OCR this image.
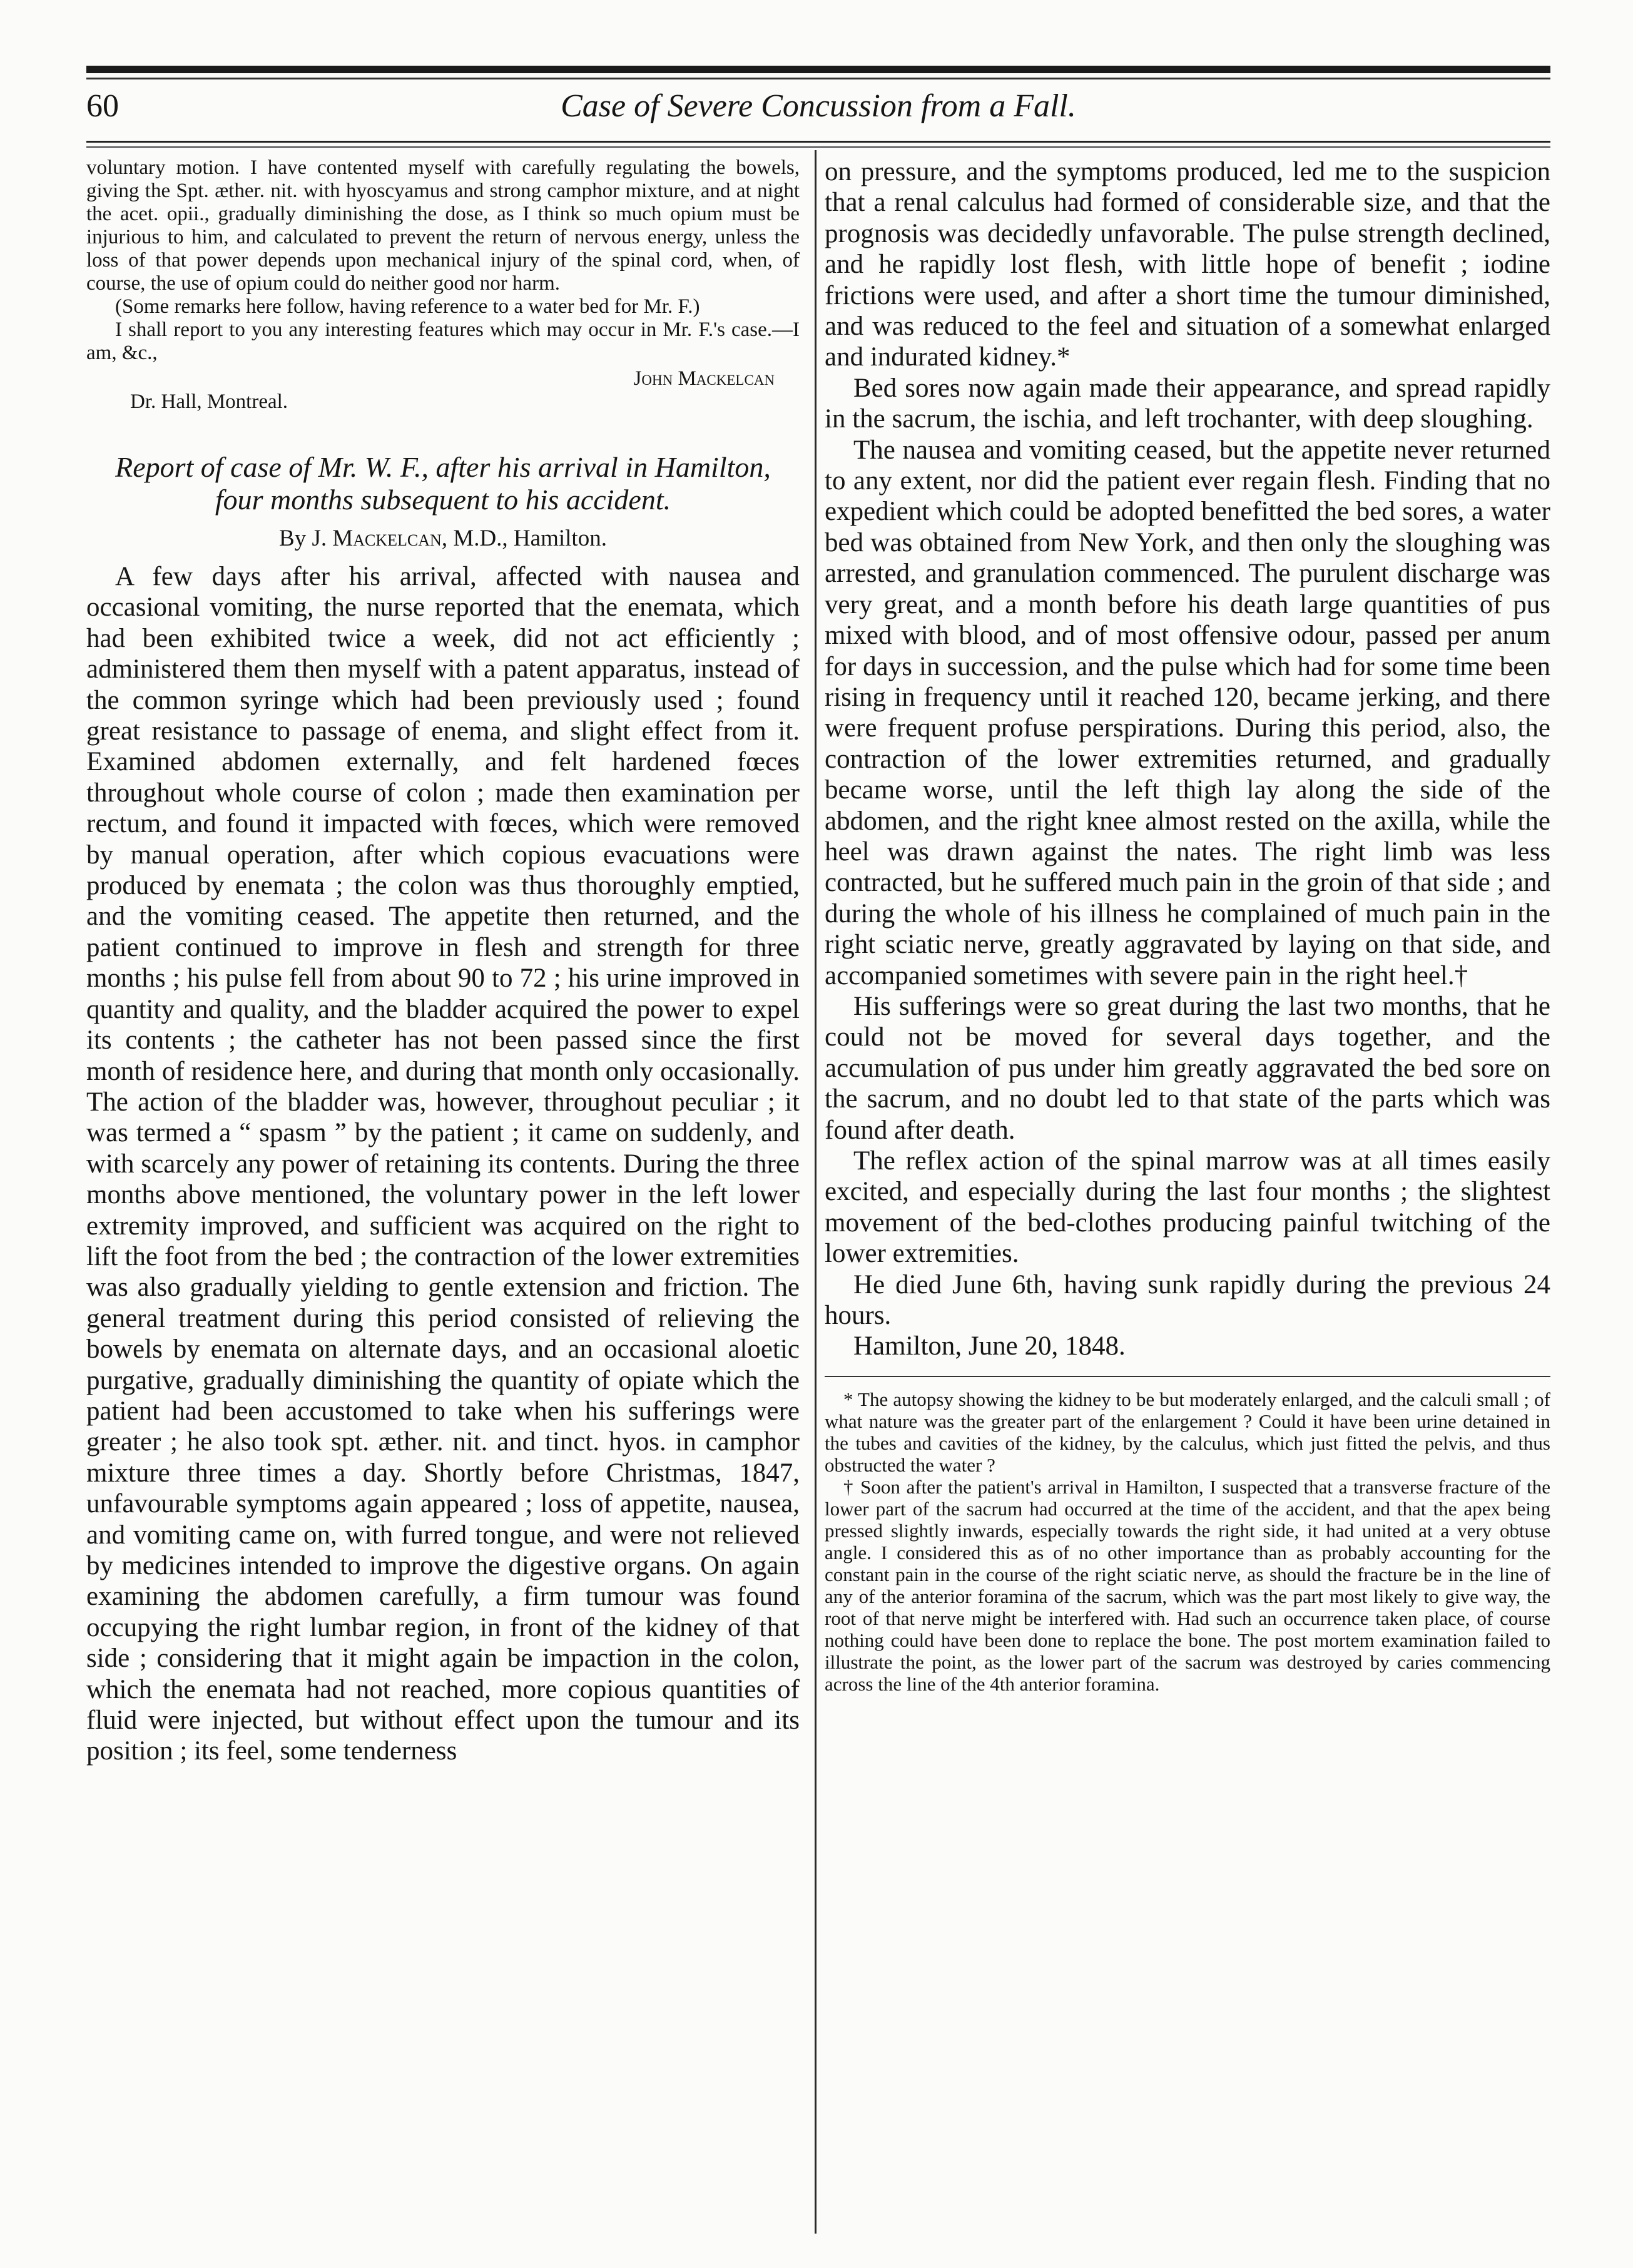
60	Case of Severe Concussion from a Fall.

voluntary motion. I have contented myself with carefully regulating the bowels, giving the Spt. æther. nit. with hyoscyamus and strong camphor mixture, and at night the acet. opii., gradually diminishing the dose, as I think so much opium must be injurious to him, and calculated to prevent the return of nervous energy, unless the loss of that power depends upon mechanical injury of the spinal cord, when, of course, the use of opium could do neither good nor harm.

(Some remarks here follow, having reference to a water bed for Mr. F.)

I shall report to you any interesting features which may occur in Mr. F.'s case.—I am, &c.,

John Mackelcan

Dr. Hall, Montreal.

Report of case of Mr. W. F., after his arrival in Hamilton, four months subsequent to his accident.

By J. Mackelcan, M.D., Hamilton.

A few days after his arrival, affected with nausea and occasional vomiting, the nurse reported that the enemata, which had been exhibited twice a week, did not act efficiently ; administered them then myself with a patent apparatus, instead of the common syringe which had been previously used ; found great resistance to passage of enema, and slight effect from it. Examined abdomen externally, and felt hardened fœces throughout whole course of colon ; made then examination per rectum, and found it impacted with fœces, which were removed by manual operation, after which copious evacuations were produced by enemata ; the colon was thus thoroughly emptied, and the vomiting ceased. The appetite then returned, and the patient continued to improve in flesh and strength for three months ; his pulse fell from about 90 to 72 ; his urine improved in quantity and quality, and the bladder acquired the power to expel its contents ; the catheter has not been passed since the first month of residence here, and during that month only occasionally. The action of the bladder was, however, throughout peculiar ; it was termed a “ spasm ” by the patient ; it came on suddenly, and with scarcely any power of retaining its contents. During the three months above mentioned, the voluntary power in the left lower extremity improved, and sufficient was acquired on the right to lift the foot from the bed ; the contraction of the lower extremities was also gradually yielding to gentle extension and friction. The general treatment during this period consisted of relieving the bowels by enemata on alternate days, and an occasional aloetic purgative, gradually diminishing the quantity of opiate which the patient had been accustomed to take when his sufferings were greater ; he also took spt. æther. nit. and tinct. hyos. in camphor mixture three times a day. Shortly before Christmas, 1847, unfavourable symptoms again appeared ; loss of appetite, nausea, and vomiting came on, with furred tongue, and were not relieved by medicines intended to improve the digestive organs. On again examining the abdomen carefully, a firm tumour was found occupying the right lumbar region, in front of the kidney of that side ; considering that it might again be impaction in the colon, which the enemata had not reached, more copious quantities of fluid were injected, but without effect upon the tumour and its position ; its feel, some tenderness

on pressure, and the symptoms produced, led me to the suspicion that a renal calculus had formed of considerable size, and that the prognosis was decidedly unfavorable. The pulse strength declined, and he rapidly lost flesh, with little hope of benefit ; iodine frictions were used, and after a short time the tumour diminished, and was reduced to the feel and situation of a somewhat enlarged and indurated kidney.*

Bed sores now again made their appearance, and spread rapidly in the sacrum, the ischia, and left trochanter, with deep sloughing.

The nausea and vomiting ceased, but the appetite never returned to any extent, nor did the patient ever regain flesh. Finding that no expedient which could be adopted benefitted the bed sores, a water bed was obtained from New York, and then only the sloughing was arrested, and granulation commenced. The purulent discharge was very great, and a month before his death large quantities of pus mixed with blood, and of most offensive odour, passed per anum for days in succession, and the pulse which had for some time been rising in frequency until it reached 120, became jerking, and there were frequent profuse perspirations. During this period, also, the contraction of the lower extremities returned, and gradually became worse, until the left thigh lay along the side of the abdomen, and the right knee almost rested on the axilla, while the heel was drawn against the nates. The right limb was less contracted, but he suffered much pain in the groin of that side ; and during the whole of his illness he complained of much pain in the right sciatic nerve, greatly aggravated by laying on that side, and accompanied sometimes with severe pain in the right heel.†

His sufferings were so great during the last two months, that he could not be moved for several days together, and the accumulation of pus under him greatly aggravated the bed sore on the sacrum, and no doubt led to that state of the parts which was found after death.

The reflex action of the spinal marrow was at all times easily excited, and especially during the last four months ; the slightest movement of the bed-clothes producing painful twitching of the lower extremities.

He died June 6th, having sunk rapidly during the previous 24 hours.

Hamilton, June 20, 1848.

* The autopsy showing the kidney to be but moderately enlarged, and the calculi small ; of what nature was the greater part of the enlargement ? Could it have been urine detained in the tubes and cavities of the kidney, by the calculus, which just fitted the pelvis, and thus obstructed the water ?

† Soon after the patient's arrival in Hamilton, I suspected that a transverse fracture of the lower part of the sacrum had occurred at the time of the accident, and that the apex being pressed slightly inwards, especially towards the right side, it had united at a very obtuse angle. I considered this as of no other importance than as probably accounting for the constant pain in the course of the right sciatic nerve, as should the fracture be in the line of any of the anterior foramina of the sacrum, which was the part most likely to give way, the root of that nerve might be interfered with. Had such an occurrence taken place, of course nothing could have been done to replace the bone. The post mortem examination failed to illustrate the point, as the lower part of the sacrum was destroyed by caries commencing across the line of the 4th anterior foramina.
